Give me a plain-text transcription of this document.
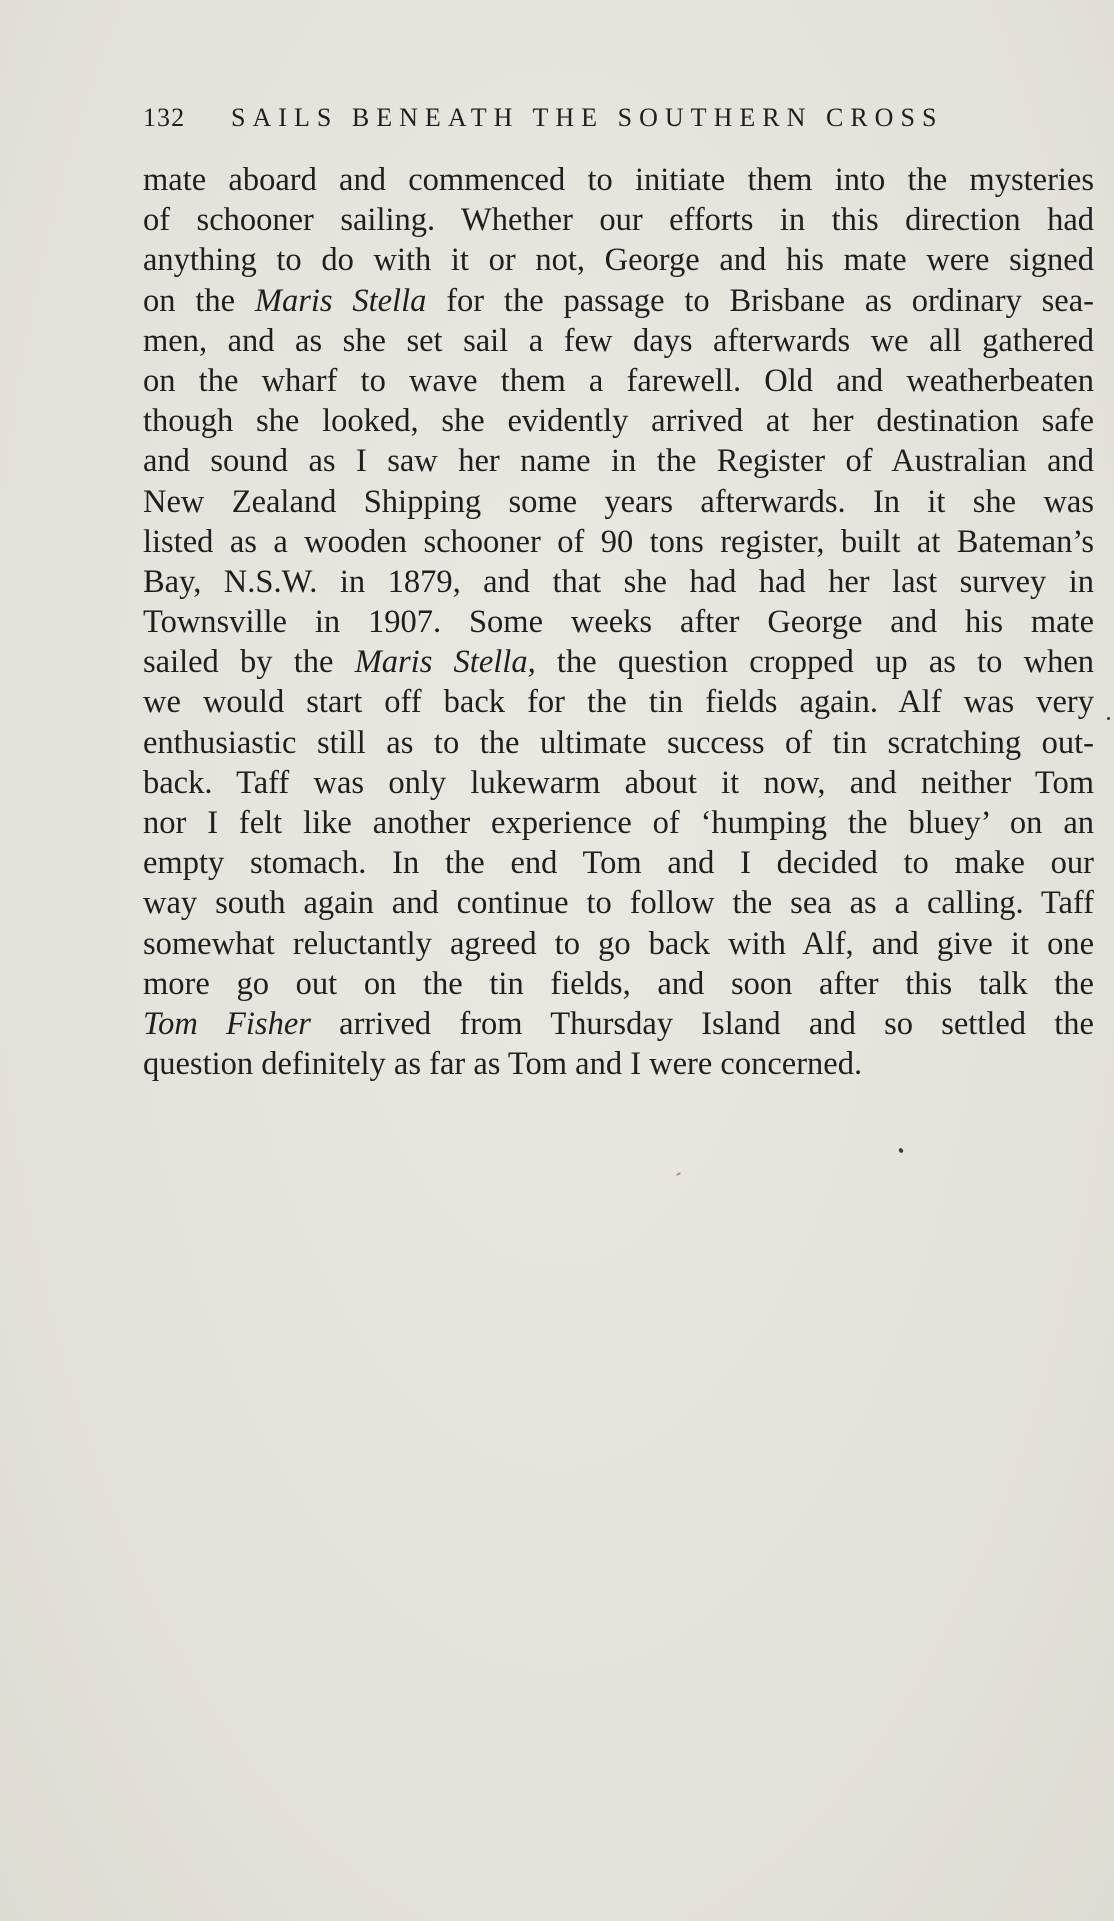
132 SAILS BENEATH THE SOUTHERN CROSS
mate aboard and commenced to initiate them into the mysteries
of schooner sailing. Whether our efforts in this direction had
anything to do with it or not, George and his mate were signed
on the Maris Stella for the passage to Brisbane as ordinary sea-
men, and as she set sail a few days afterwards we all gathered
on the wharf to wave them a farewell. Old and weatherbeaten
though she looked, she evidently arrived at her destination safe
and sound as I saw her name in the Register of Australian and
New Zealand Shipping some years afterwards. In it she was
listed as a wooden schooner of 90 tons register, built at Bateman’s
Bay, N.S.W. in 1879, and that she had had her last survey in
Townsville in 1907. Some weeks after George and his mate
sailed by the Maris Stella, the question cropped up as to when
we would start off back for the tin fields again. Alf was very
enthusiastic still as to the ultimate success of tin scratching out-
back. Taff was only lukewarm about it now, and neither Tom
nor I felt like another experience of ‘humping the bluey’ on an
empty stomach. In the end Tom and I decided to make our
way south again and continue to follow the sea as a calling. Taff
somewhat reluctantly agreed to go back with Alf, and give it one
more go out on the tin fields, and soon after this talk the
Tom Fisher arrived from Thursday Island and so settled the
question definitely as far as Tom and I were concerned.
